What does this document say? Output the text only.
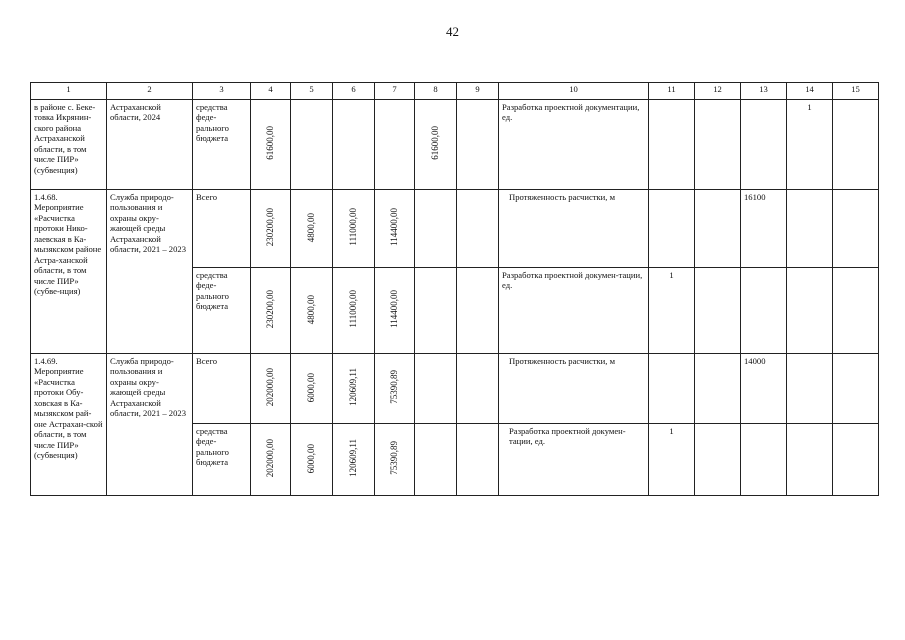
42
1	2	3	4	5	6	7	8	9	10	11	12	13	14	15
в районе с. Беке-товка Икрянин-ского района Астраханской области, в том числе ПИР» (субвенция)	Астраханской области, 2024	средства феде-рального бюджета	61600,00				61600,00		Разработка проектной документации, ед.				1	
1.4.68. Мероприятие «Расчистка протоки Нико-лаевская в Ка-мызякском районе Астра-ханской области, в том числе ПИР» (субве-нция)	Служба природо-пользования и охраны окру-жающей среды Астраханской области, 2021 – 2023	Всего	230200,00	4800,00	111000,00	114400,00			Протяженность расчистки, м			16100		
		средства феде-рального бюджета	230200,00	4800,00	111000,00	114400,00			Разработка проектной докумен-тации, ед.	1				
1.4.69. Мероприятие «Расчистка протоки Обу-ховская в Ка-мызякском рай-оне Астрахан-ской области, в том числе ПИР» (субвенция)	Служба природо-пользования и охраны окру-жающей среды Астраханской области, 2021 – 2023	Всего	202000,00	6000,00	120609,11	75390,89			Протяженность расчистки, м			14000		
		средства феде-рального бюджета	202000,00	6000,00	120609,11	75390,89			Разработка проектной докумен-тации, ед.	1				
